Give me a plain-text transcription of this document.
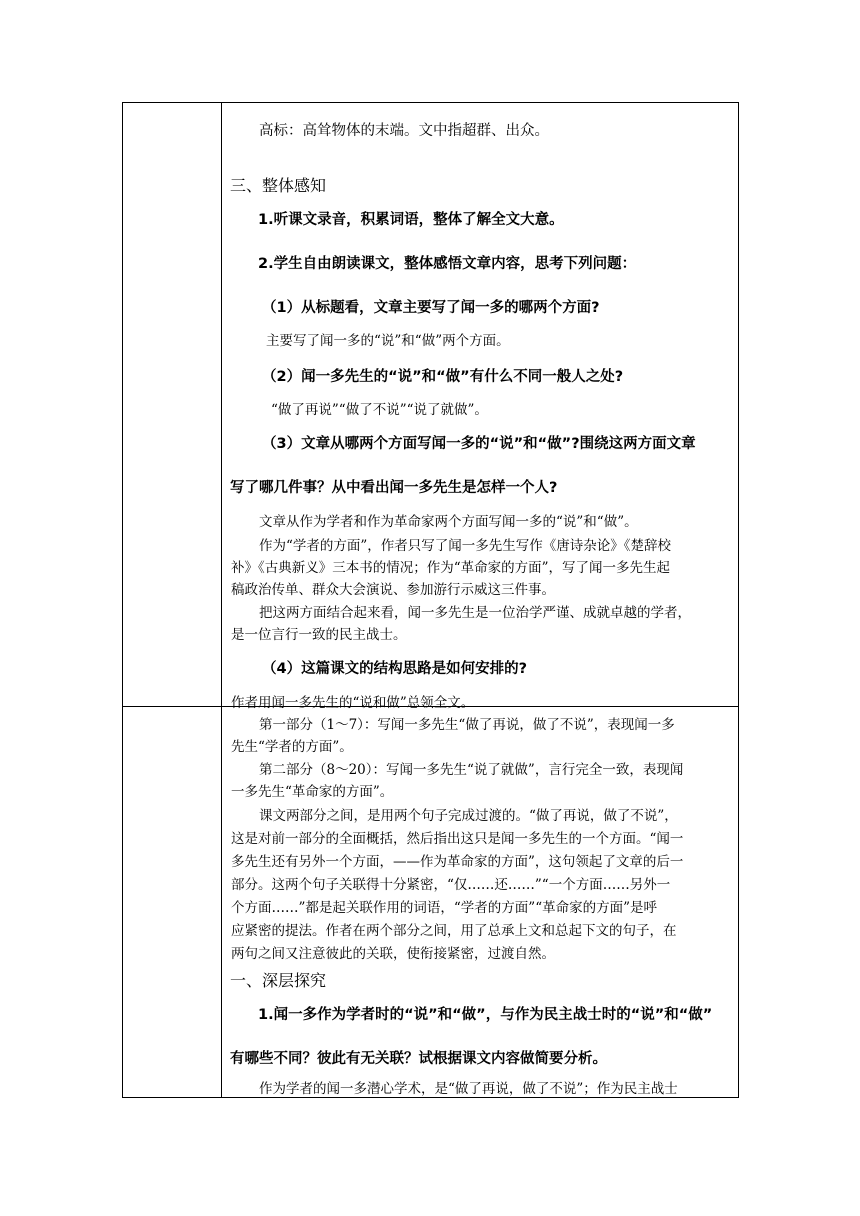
高标：高耸物体的末端。文中指超群、出众。
三、整体感知
1.听课文录音，积累词语，整体了解全文大意。
2.学生自由朗读课文，整体感悟文章内容，思考下列问题：
（1）从标题看，文章主要写了闻一多的哪两个方面?
主要写了闻一多的“说”和“做”两个方面。
（2）闻一多先生的“说”和“做”有什么不同一般人之处?
“做了再说”“做了不说”“说了就做”。
（3）文章从哪两个方面写闻一多的“说”和“做”?围绕这两方面文章
写了哪几件事？从中看出闻一多先生是怎样一个人?
文章从作为学者和作为革命家两个方面写闻一多的“说”和“做”。
作为“学者的方面”，作者只写了闻一多先生写作《唐诗杂论》《楚辞校
补》《古典新义》三本书的情况；作为“革命家的方面”，写了闻一多先生起
稿政治传单、群众大会演说、参加游行示威这三件事。
把这两方面结合起来看，闻一多先生是一位治学严谨、成就卓越的学者，
是一位言行一致的民主战士。
（4）这篇课文的结构思路是如何安排的?
作者用闻一多先生的“说和做”总领全文。
第一部分（1～7）：写闻一多先生“做了再说，做了不说”，表现闻一多
先生“学者的方面”。
第二部分（8～20）：写闻一多先生“说了就做”，言行完全一致，表现闻
一多先生“革命家的方面”。
课文两部分之间，是用两个句子完成过渡的。“做了再说，做了不说”，
这是对前一部分的全面概括，然后指出这只是闻一多先生的一个方面。“闻一
多先生还有另外一个方面，——作为革命家的方面”，这句领起了文章的后一
部分。这两个句子关联得十分紧密，“仅……还……”“一个方面……另外一
个方面……”都是起关联作用的词语，“学者的方面”“革命家的方面”是呼
应紧密的提法。作者在两个部分之间，用了总承上文和总起下文的句子，在
两句之间又注意彼此的关联，使衔接紧密，过渡自然。
一、深层探究
1.闻一多作为学者时的“说”和“做”，与作为民主战士时的“说”和“做”
有哪些不同？彼此有无关联？试根据课文内容做简要分析。
作为学者的闻一多潜心学术，是“做了再说，做了不说”；作为民主战士
